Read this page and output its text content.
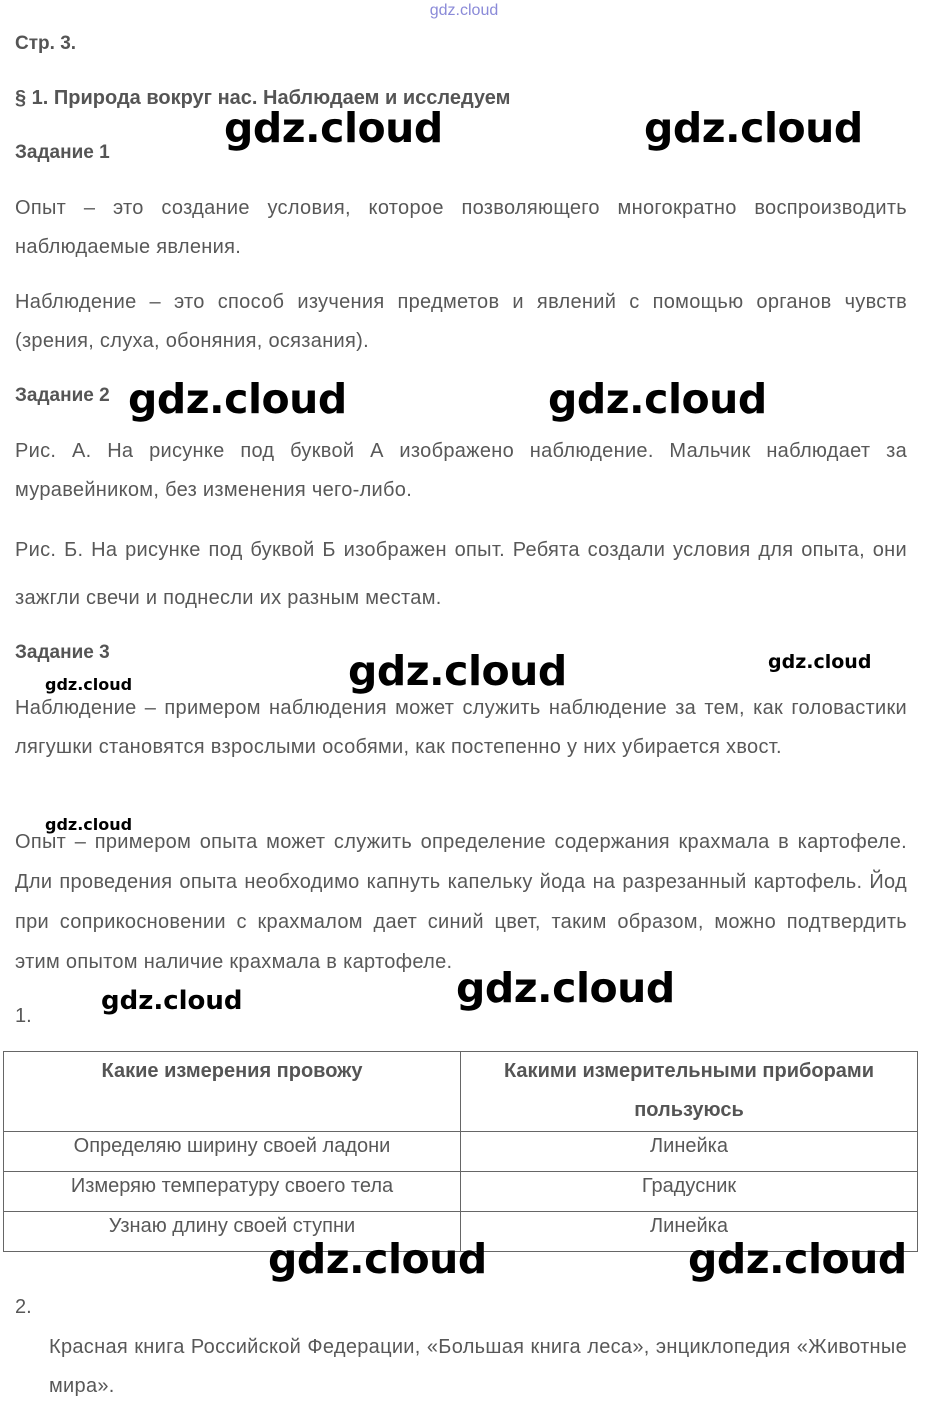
gdz.cloud
Стр. 3.
§ 1. Природа вокруг нас. Наблюдаем и исследуем
Задание 1

Опыт – это создание условия, которое позволяющего многократно воспроизводить наблюдаемые явления.

Наблюдение – это способ изучения предметов и явлений с помощью органов чувств (зрения, слуха, обоняния, осязания).

Задание 2

Рис. А. На рисунке под буквой А изображено наблюдение. Мальчик наблюдает за муравейником, без изменения чего-либо.

Рис. Б. На рисунке под буквой Б изображен опыт. Ребята создали условия для опыта, они зажгли свечи и поднесли их разным местам.

Задание 3

Наблюдение – примером наблюдения может служить наблюдение за тем, как головастики лягушки становятся взрослыми особями, как постепенно у них убирается хвост.

Опыт – примером опыта может служить определение содержания крахмала в картофеле. Дли проведения опыта необходимо капнуть капельку йода на разрезанный картофель. Йод при соприкосновении с крахмалом дает синий цвет, таким образом, можно подтвердить этим опытом наличие крахмала в картофеле.

1.
Какие измерения провожу	Какими измерительными приборами пользуюсь
Определяю ширину своей ладони	Линейка
Измеряю температуру своего тела	Градусник
Узнаю длину своей ступни	Линейка
2.

Красная книга Российской Федерации, «Большая книга леса», энциклопедия «Животные мира».

gdz.cloud	gdz.cloud
gdz.cloud	gdz.cloud
gdz.cloud	gdz.cloud
gdz.cloud
gdz.cloud
gdz.cloud
gdz.cloud
gdz.cloud	gdz.cloud
